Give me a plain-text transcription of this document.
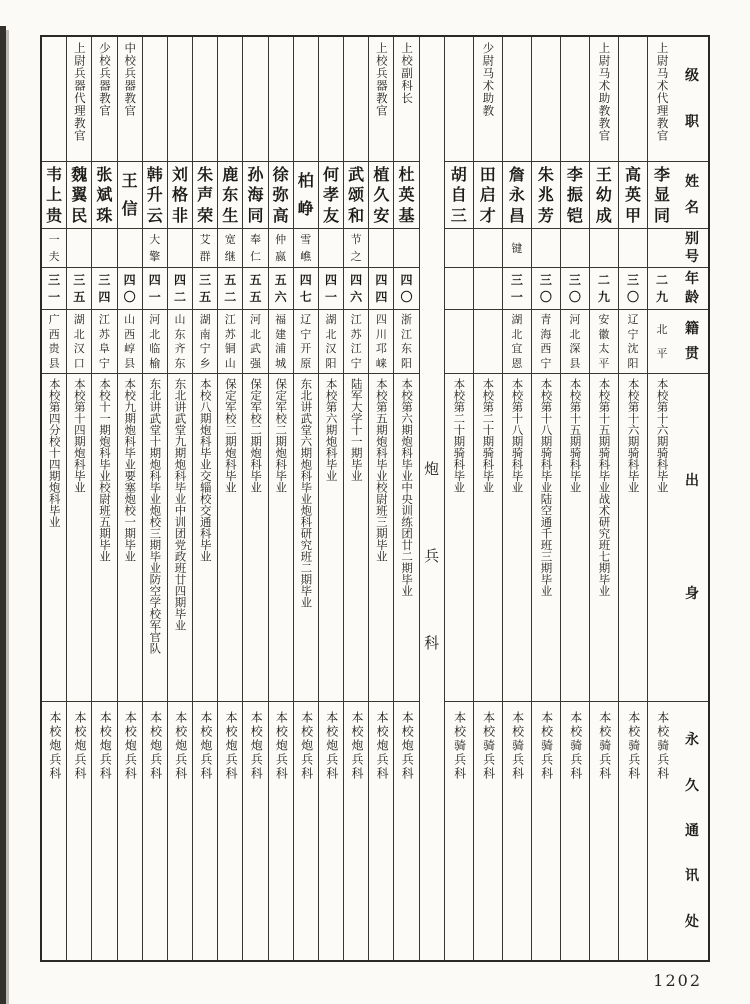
级
职
姓
名
别
号
年
龄
籍
贯
出
身
永
久
通
讯
处
上尉马术代理教官
李
显
同
二
九
北
平
本校第十六期骑科毕业
本校骑兵科
高
英
甲
三
〇
辽
宁
沈
阳
本校第十六期骑科毕业
本校骑兵科
上尉马术助教教官
王
幼
成
二
九
安
徽
太
平
本校第十五期骑科毕业战术研究班七期毕业
本校骑兵科
李
振
铠
三
〇
河
北
深
县
本校第十五期骑科毕业
本校骑兵科
朱
兆
芳
三
〇
青
海
西
宁
本校第十八期骑科毕业陆空通千班三期毕业
本校骑兵科
詹
永
昌
键
三
一
湖
北
宜
恩
本校第十八期骑科毕业
本校骑兵科
少尉马术助教
田
启
才
本校第二十期骑科毕业
本校骑兵科
胡
自
三
本校第二十期骑科毕业
本校骑兵科
炮
兵
科
上校副科长
杜
英
基
四
〇
浙
江
东
阳
本校第六期炮科毕业中央训练团廿二期毕业
本校炮兵科
上校兵器教官
植
久
安
四
四
四
川
邛
崃
本校第五期炮科毕业校尉班三期毕业
本校炮兵科
武
颂
和
节
之
四
六
江
苏
江
宁
陆军大学十一期毕业
本校炮兵科
何
孝
友
四
一
湖
北
汉
阳
本校第六期炮科毕业
本校炮兵科
柏
峥
雪
嶕
四
七
辽
宁
开
原
东北讲武堂六期炮科毕业炮科研究班二期毕业
本校炮兵科
徐
弥
高
仲
嬴
五
六
福
建
浦
城
保定军校二期炮科毕业
本校炮兵科
孙
海
同
奉
仁
五
五
河
北
武
强
保定军校二期炮科毕业
本校炮兵科
鹿
东
生
宽
继
五
二
江
苏
铜
山
保定军校二期炮科毕业
本校炮兵科
朱
声
荣
艾
群
三
五
湖
南
宁
乡
本校八期炮科毕业交辎校交通科毕业
本校炮兵科
刘
格
非
四
二
山
东
齐
东
东北讲武堂九期炮科毕业中训团党政班廿四期毕业
本校炮兵科
韩
升
云
大
擎
四
一
河
北
临
榆
东北讲武堂十期炮科毕业炮校三期毕业防空学校军官队
本校炮兵科
中校兵器教官
王
信
四
〇
山
西
崞
县
本校九期炮科毕业要塞炮校一期毕业
本校炮兵科
少校兵器教官
张
斌
珠
三
四
江
苏
阜
宁
本校十一期炮科毕业校尉班五期毕业
本校炮兵科
上尉兵器代理教官
魏
翼
民
三
五
湖
北
汉
口
本校第十四期炮科毕业
本校炮兵科
韦
上
贵
一
夫
三
一
广
西
贵
县
本校第四分校十四期炮科毕业
本校炮兵科
1202
